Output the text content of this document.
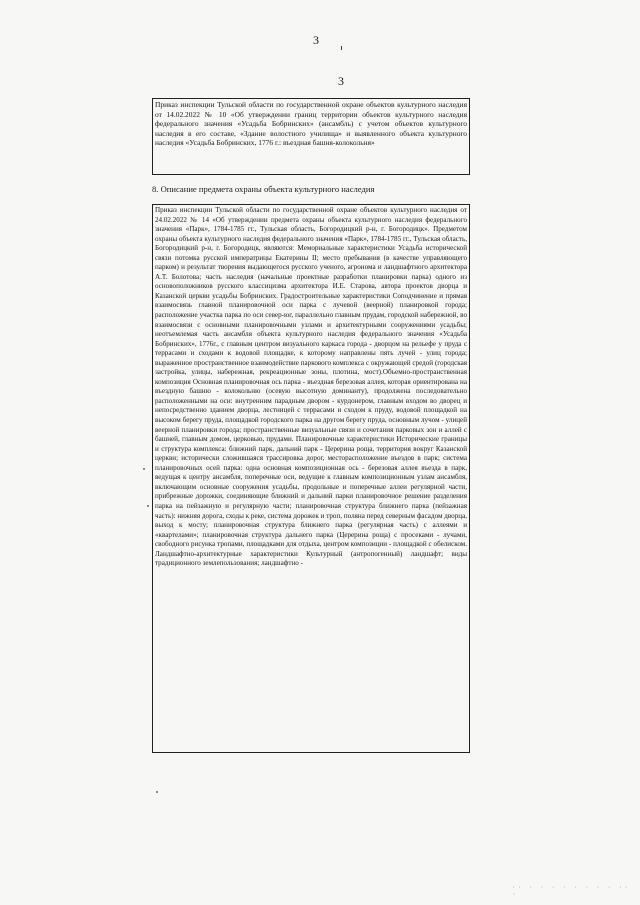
3
3
Приказ инспекции Тульской области по государственной охране объектов культурного наследия от 14.02.2022 № 10 «Об утверждении границ территории объектов культурного наследия федерального значения «Усадьба Бобринских» (ансамбль) с учетом объектов культурного наследия в его составе, «Здание волостного училища» и выявленного объекта культурного наследия «Усадьба Бобринских, 1776 г.: въездная башня-колокольня»
8. Описание предмета охраны объекта культурного наследия
Приказ инспекции Тульской области по государственной охране объектов культурного наследия от 24.02.2022 № 14 «Об утверждении предмета охраны объекта культурного наследия федерального значения «Парк», 1784-1785 гг., Тульская область, Богородицкий р-н, г. Богородицк». Предметом охраны объекта культурного наследия федерального значения «Парк», 1784-1785 гг., Тульская область, Богородицкий р-н, г. Богородицк, являются: Мемориальные характеристики Усадьба исторической связи потомка русской императрицы Екатерины II; место пребывания (в качестве управляющего парком) и результат творения выдающегося русского ученого, агронома и ландшафтного архитектора А.Т. Болотова; часть наследия (начальные проектные разработки планировки парка) одного из основоположников русского классицизма архитектора И.Е. Старова, автора проектов дворца и Казанской церкви усадьбы Бобринских. Градостроительные характеристики Соподчинение и прямая взаимосвязь главной планировочной оси парка с лучевой (веерной) планировкой города; расположение участка парка по оси север-юг, параллельно главным прудам, городской набережной, во взаимосвязи с основными планировочными узлами и архитектурными сооружениями усадьбы; неотъемлемая часть ансамбля объекта культурного наследия федерального значения «Усадьба Бобринских», 1776г., с главным центром визуального каркаса города - дворцом на рельефе у пруда с террасами и сходами к водовой площадке, к которому направлены пять лучей - улиц города; выраженное пространственное взаимодействие паркового комплекса с окружающей средой (городская застройка, улицы, набережная, рекреационные зоны, плотина, мост).Объемно-пространственная композиция Основная планировочная ось парка - въездная березовая аллея, которая ориентирована на въездную башню - колокольню (осевую высотную доминанту), продолжена последовательно расположенными на оси: внутренним парадным двором - курдонером, главным входом во дворец и непосредственно зданием дворца, лестницей с террасами и сходом к пруду, водовой площадкой на высоком берегу пруда, площадкой городского парка на другом берегу пруда, основным лучом - улицей веерной планировки города; пространственные визуальные связи и сочетания парковых зон и аллей с башней, главным домом, церковью, прудами. Планировочные характеристики Исторические границы и структура комплекса: ближний парк, дальний парк - Церерина роща, территория вокруг Казанской церкви; исторически сложившаяся трассировка дорог, месторасположение въездов в парк; система планировочных осей парка: одна основная композиционная ось - березовая аллея въезда в парк, ведущая к центру ансамбля, поперечные оси, ведущие к главным композиционным узлам ансамбля, включающим основные сооружения усадьбы, продольные и поперечные аллеи регулярной части, прибрежные дорожки, соединяющие ближний и дальний парки планировочное решение разделения парка на пейзажную и регулярную части; планировочная структура ближнего парка (пейзажная часть): нижняя дорога, сходы к реке, система дорожек и троп, поляна перед северным фасадом дворца, выход к мосту; планировочная структура ближнего парка (регулярная часть) с аллеями и «квартелами»; планировочная структура дальнего парка (Церерина роща) с просеками - лучами, свободного рисунка тропами, площадками для отдыха, центром композиции - площадкой с обелиском. Ландшафтно-архитектурные характеристики Культурный (антропогенный) ландшафт; виды традиционного землепользования; ландшафтно -
·· · · · · · · · · ·· ·
